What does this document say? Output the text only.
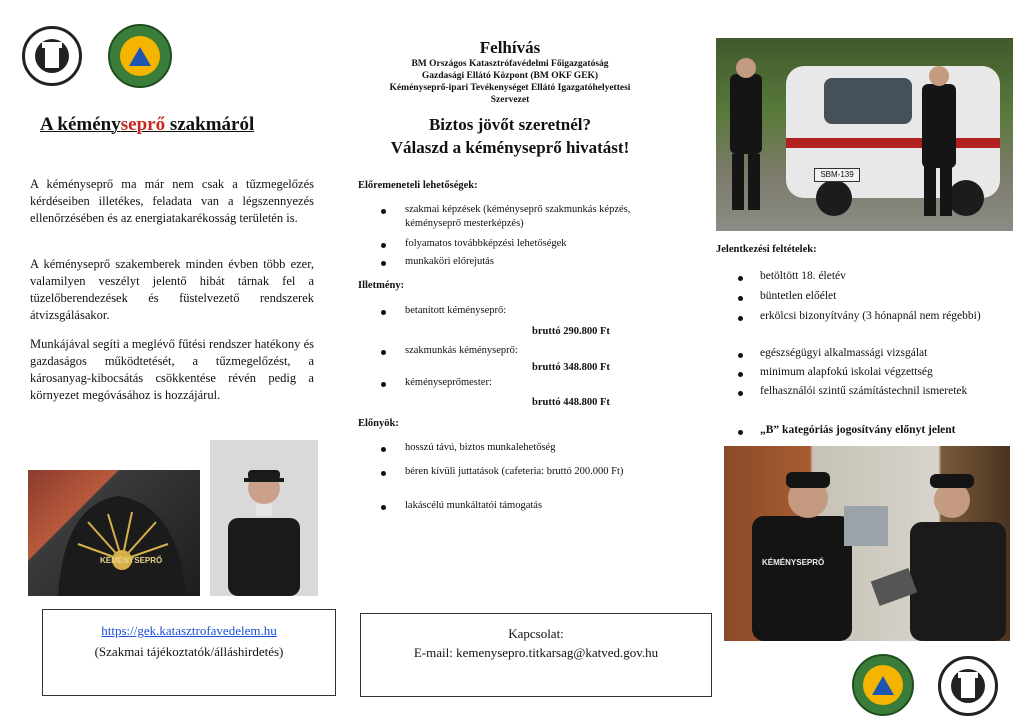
A kéményseprő szakmáról
A kéményseprő ma már nem csak a tűzmegelőzés kérdéseiben illetékes, feladata van a légszennyezés ellenőrzésében és az energiatakarékosság területén is.
A kéményseprő szakemberek minden évben több ezer, valamilyen veszélyt jelentő hibát tárnak fel a tüzelőberendezések és füstelvezető rendszerek átvizsgálásakor.
Munkájával segíti a meglévő fűtési rendszer hatékony és gazdaságos működtetését, a tűzmegelőzést, a károsanyag-kibocsátás csökkentése révén pedig a környezet megóvásához is hozzájárul.
KÉMÉNYSEPRŐ
https://gek.katasztrofavedelem.hu
(Szakmai tájékoztatók/álláshirdetés)
Felhívás
BM Országos Katasztrófavédelmi Főigazgatóság
Gazdasági Ellátó Központ (BM OKF GEK)
Kéményseprő-ipari Tevékenységet Ellátó Igazgatóhelyettesi
Szervezet
Biztos jövőt szeretnél?
Válaszd a kéményseprő hivatást!
Előremeneteli lehetőségek:
szakmai képzések (kéményseprő szakmunkás képzés, kéményseprő mesterképzés)
folyamatos továbbképzési lehetőségek
munkaköri előrejutás
Illetmény:
betanított kéményseprő:
bruttó 290.800 Ft
szakmunkás kéményseprő:
bruttó 348.800 Ft
kéményseprőmester:
bruttó 448.800 Ft
Előnyök:
hosszú távú, biztos munkalehetőség
béren kívüli juttatások (cafeteria: bruttó 200.000 Ft)
lakáscélú munkáltatói támogatás
Kapcsolat:
E-mail: kemenysepro.titkarsag@katved.gov.hu
SBM-139
Jelentkezési feltételek:
betöltött 18. életév
büntetlen előélet
erkölcsi bizonyítvány (3 hónapnál nem régebbi)
egészségügyi alkalmassági vizsgálat
minimum alapfokú iskolai végzettség
felhasználói szintű számítástechnil ismeretek
„B” kategóriás jogosítvány előnyt jelent
KÉMÉNYSEPRŐ
